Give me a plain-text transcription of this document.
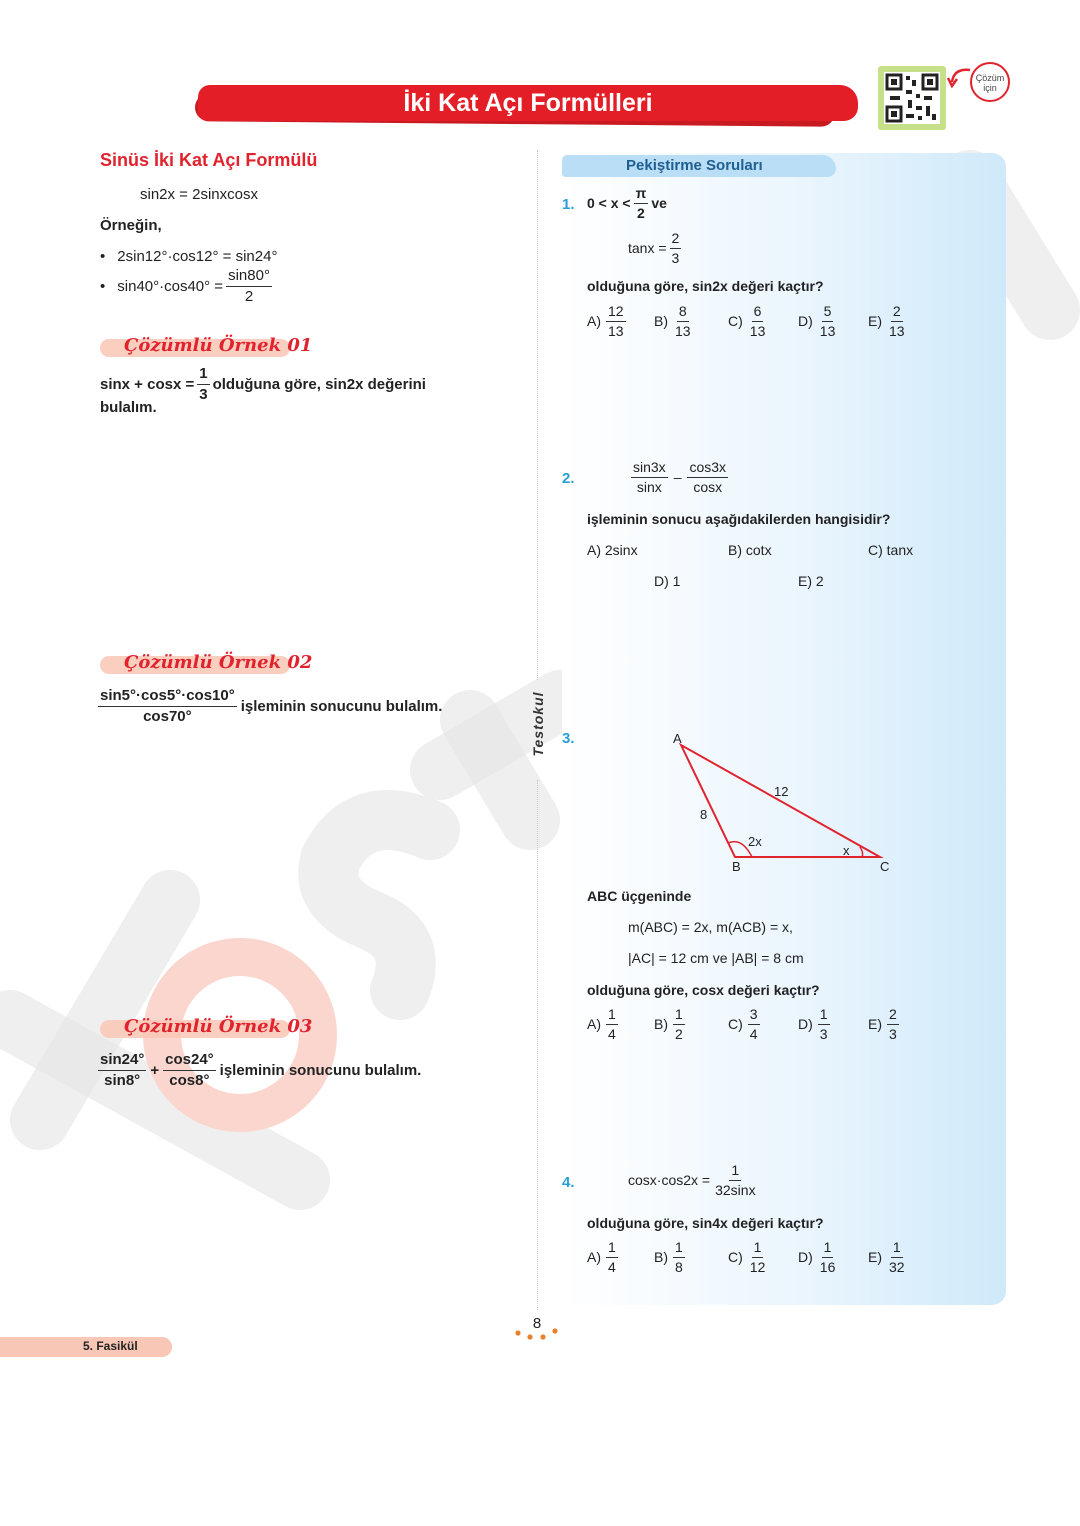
İki Kat Açı Formülleri
Çözüm
için
Testokul
Sinüs İki Kat Açı Formülü
sin2x = 2sinxcosx
Örneğin,
• 2sin12°·cos12° = sin24°
• $\sin 40^\circ\cdot\cos 40^\circ = \frac{\sin 80^\circ}{2}$
Çözümlü Örnek 01
$\sin x + \cos x = \frac{1}{3}$ olduğuna göre, sin2x değerini
bulalım.
Çözümlü Örnek 02
$\frac{\sin 5^\circ\cdot\cos 5^\circ\cdot\cos 10^\circ}{\cos 70^\circ}$ işleminin sonucunu bulalım.
Çözümlü Örnek 03
$\frac{\sin 24^\circ}{\sin 8^\circ} + \frac{\cos 24^\circ}{\cos 8^\circ}$ işleminin sonucunu bulalım.
Pekiştirme Soruları
1. $0 < x < \frac{\pi}{2}$ ve
$\tan x = \frac{2}{3}$
olduğuna göre, sin2x değeri kaçtır?
$A) \frac{12}{13} B) \frac{8}{13}$	$C) \frac{6}{13} D) \frac{5}{13} E) \frac{2}{13}$
2.	$\frac{\sin 3x}{\sin x} - \frac{\cos 3x}{\cos x}$
işleminin sonucu aşağıdakilerden hangisidir?
A) 2sinx	B) cotx	C) tanx
D) 1	E) 2
3.	A
B	C
8
12
2x
x
ABC üçgeninde
m(ABC) = 2x, m(ACB) = x,
|AC| = 12 cm ve |AB| = 8 cm
olduğuna göre, cosx değeri kaçtır?
$A) \frac{1}{4}$	$B) \frac{1}{2}$	$C) \frac{3}{4}$	$D) \frac{1}{3}$	$E) \frac{2}{3}$
4.	$\cos x\cdot\cos 2x = \frac{1}{32\sin x}$
olduğuna göre, sin4x değeri kaçtır?
$A) \frac{1}{4}$	$B) \frac{1}{8}$	$C) \frac{1}{12} D) \frac{1}{16} E) \frac{1}{32}$
8
5. Fasikül
